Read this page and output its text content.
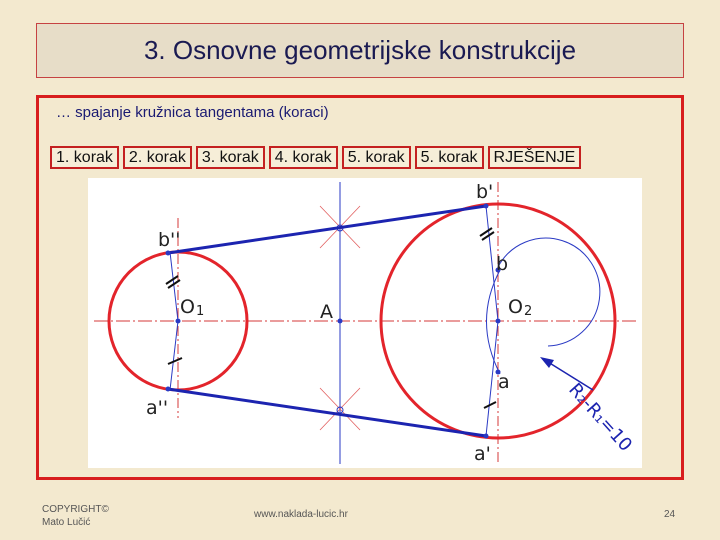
3. Osnovne geometrijske konstrukcije
… spajanje kružnica tangentama (koraci)
1. korak	2. korak	3. korak	4. korak	5. korak	5. korak	RJEŠENJE
b''
a''
O 1	A
b'
b
O 2
a
a'	R₂-R₁=10
COPYRIGHT©
Mato Lučić
www.naklada-lucic.hr	24
